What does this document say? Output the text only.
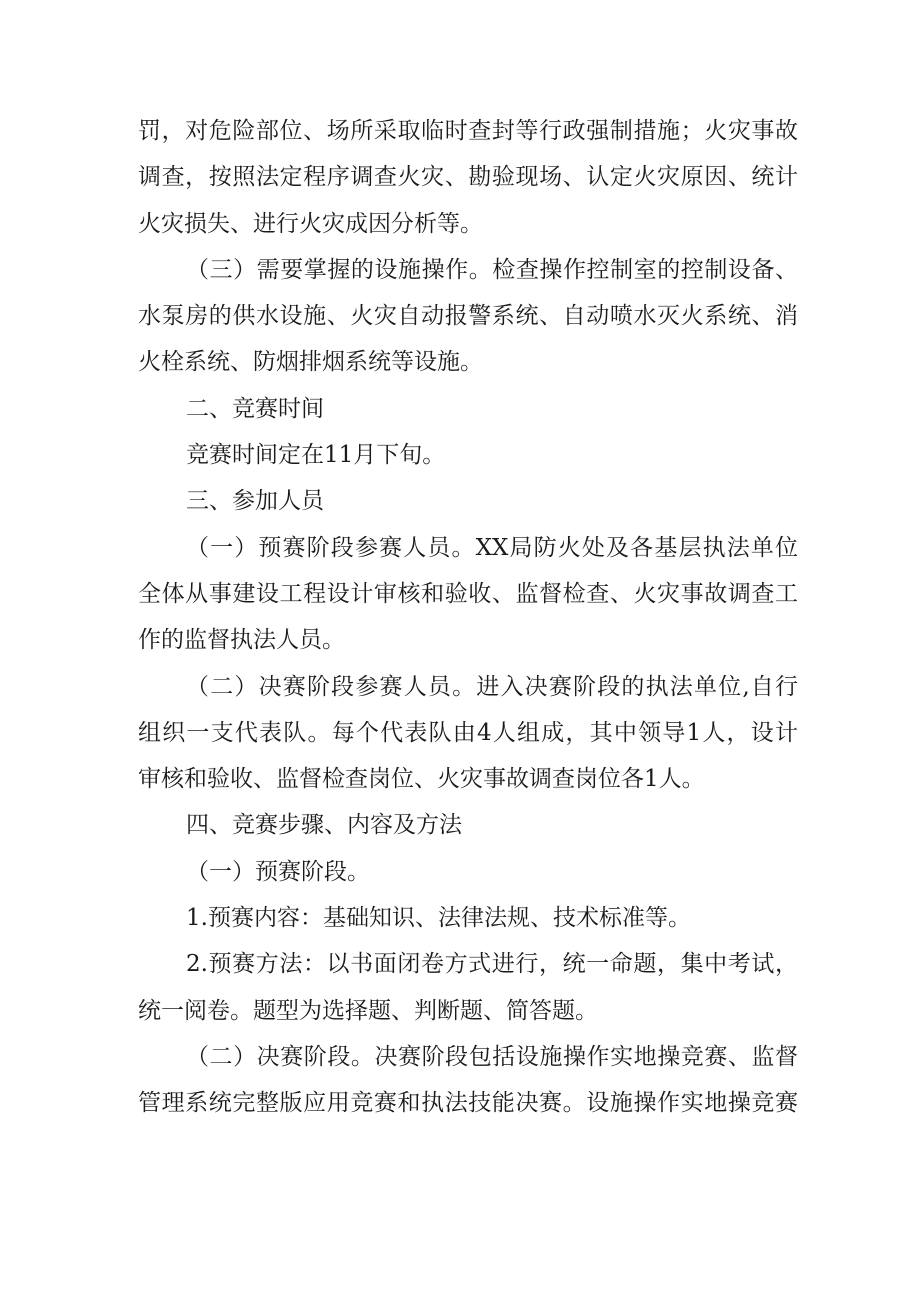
罚，对危险部位、场所采取临时查封等行政强制措施；火灾事故
调查，按照法定程序调查火灾、勘验现场、认定火灾原因、统计
火灾损失、进行火灾成因分析等。
（三）需要掌握的设施操作。检查操作控制室的控制设备、
水泵房的供水设施、火灾自动报警系统、自动喷水灭火系统、消
火栓系统、防烟排烟系统等设施。
二、竞赛时间
竞赛时间定在11月下旬。
三、参加人员
（一）预赛阶段参赛人员。XX局防火处及各基层执法单位
全体从事建设工程设计审核和验收、监督检查、火灾事故调查工
作的监督执法人员。
（二）决赛阶段参赛人员。进入决赛阶段的执法单位,自行
组织一支代表队。每个代表队由4人组成，其中领导1人，设计
审核和验收、监督检查岗位、火灾事故调查岗位各1人。
四、竞赛步骤、内容及方法
（一）预赛阶段。
1.预赛内容：基础知识、法律法规、技术标准等。
2.预赛方法：以书面闭卷方式进行，统一命题，集中考试，
统一阅卷。题型为选择题、判断题、简答题。
（二）决赛阶段。决赛阶段包括设施操作实地操竞赛、监督
管理系统完整版应用竞赛和执法技能决赛。设施操作实地操竞赛
